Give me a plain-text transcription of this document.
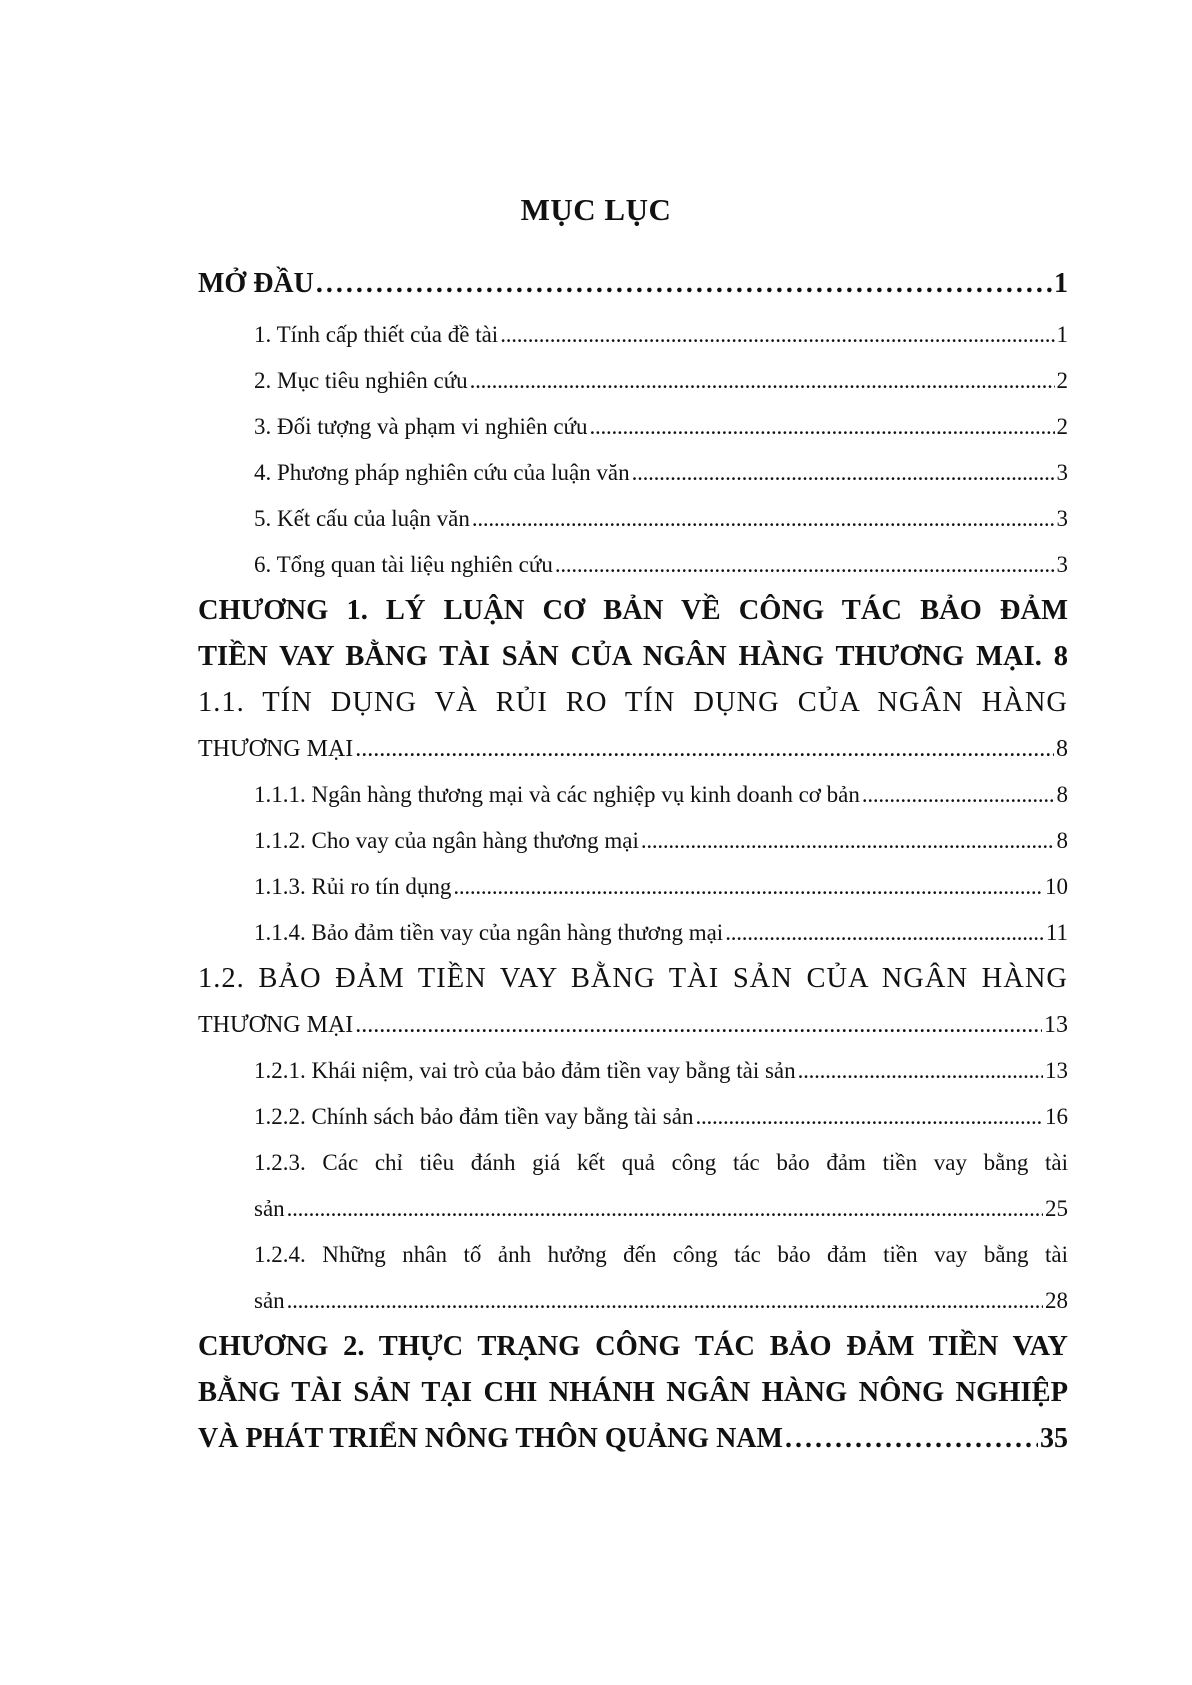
MỤC LỤC
MỞ ĐẦU . . .	1
1. Tính cấp thiết của đề tài . . .	1
2. Mục tiêu nghiên cứu . . .	2
3. Đối tượng và phạm vi nghiên cứu . . .	2
4. Phương pháp nghiên cứu của luận văn . . .	3
5. Kết cấu của luận văn . . .	3
6. Tổng quan tài liệu nghiên cứu . . .	3
CHƯƠNG 1. LÝ LUẬN CƠ BẢN VỀ CÔNG TÁC BẢO ĐẢM
TIỀN VAY BẰNG TÀI SẢN CỦA NGÂN HÀNG THƯƠNG MẠI. 8
1.1. TÍN DỤNG VÀ RỦI RO TÍN DỤNG CỦA NGÂN HÀNG
THƯƠNG MẠI . . .	8
1.1.1. Ngân hàng thương mại và các nghiệp vụ kinh doanh cơ bản . . .	8
1.1.2. Cho vay của ngân hàng thương mại . . .	8
1.1.3. Rủi ro tín dụng . . .	10
1.1.4. Bảo đảm tiền vay của ngân hàng thương mại . . .	11
1.2. BẢO ĐẢM TIỀN VAY BẰNG TÀI SẢN CỦA NGÂN HÀNG
THƯƠNG MẠI . . .	13
1.2.1. Khái niệm, vai trò của bảo đảm tiền vay bằng tài sản . . .	13
1.2.2. Chính sách bảo đảm tiền vay bằng tài sản . . .	16
1.2.3. Các chỉ tiêu đánh giá kết quả công tác bảo đảm tiền vay bằng tài
sản . . .	25
1.2.4. Những nhân tố ảnh hưởng đến công tác bảo đảm tiền vay bằng tài
sản . . .	28
CHƯƠNG 2. THỰC TRẠNG CÔNG TÁC BẢO ĐẢM TIỀN VAY
BẰNG TÀI SẢN TẠI CHI NHÁNH NGÂN HÀNG NÔNG NGHIỆP
VÀ PHÁT TRIỂN NÔNG THÔN QUẢNG NAM . . .	35
